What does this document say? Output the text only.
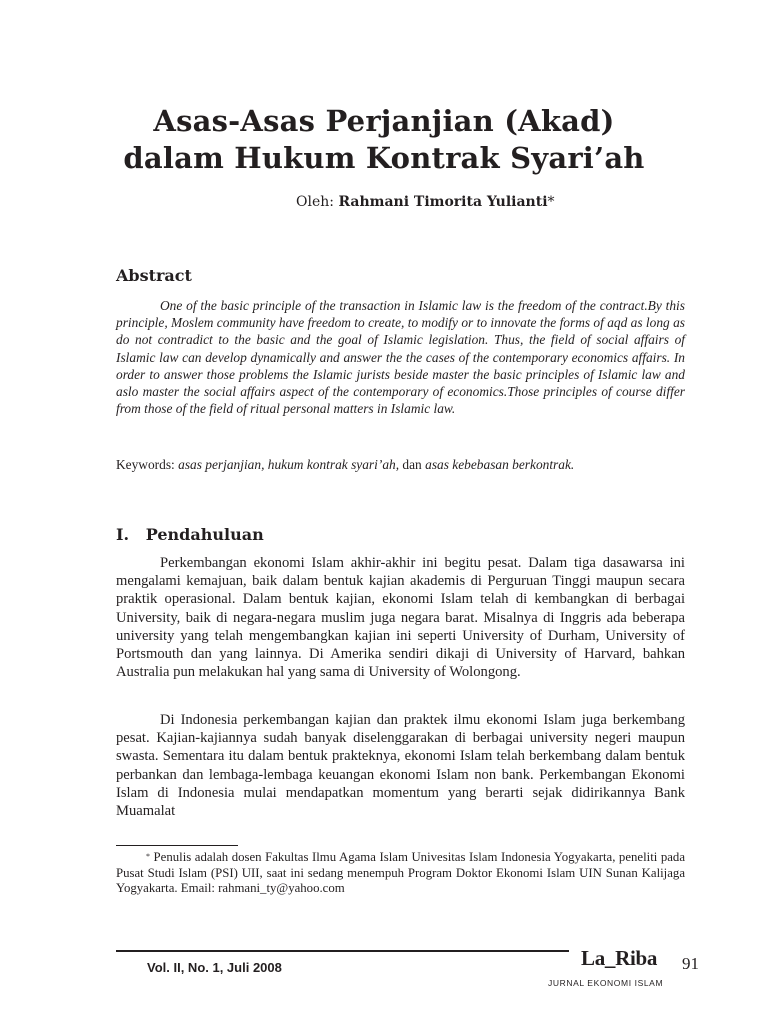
Asas-Asas Perjanjian (Akad)
dalam Hukum Kontrak Syari’ah
Oleh: Rahmani Timorita Yulianti*
Abstract

One of the basic principle of the transaction in Islamic law is the freedom of the contract.By this principle, Moslem community have freedom to create, to modify or to innovate the forms of aqd as long as do not contradict to the basic and the goal of Islamic legislation. Thus, the field of social affairs of Islamic law can develop dynamically and answer the the cases of the contemporary economics affairs. In order to answer those problems the Islamic jurists beside master the basic principles of Islamic law and aslo master the social affairs aspect of the contemporary of economics.Those principles of course differ from those of the field of ritual personal matters in Islamic law.

Keywords: asas perjanjian, hukum kontrak syari’ah, dan asas kebebasan berkontrak.

I.   Pendahuluan

Perkembangan ekonomi Islam akhir-akhir ini begitu pesat. Dalam tiga dasawarsa ini mengalami kemajuan, baik dalam bentuk kajian akademis di Perguruan Tinggi maupun secara praktik operasional. Dalam bentuk kajian, ekonomi Islam telah di kembangkan di berbagai University, baik di negara-negara muslim juga negara barat. Misalnya di Inggris ada beberapa university yang telah mengembangkan kajian ini seperti University of Durham, University of Portsmouth dan yang lainnya. Di Amerika sendiri dikaji di University of Harvard, bahkan Australia pun melakukan hal yang sama di University of Wolongong.

Di Indonesia perkembangan kajian dan praktek ilmu ekonomi Islam juga berkembang pesat. Kajian-kajiannya sudah banyak diselenggarakan di berbagai university negeri maupun swasta. Sementara itu dalam bentuk prakteknya, ekonomi Islam telah berkembang dalam bentuk perbankan dan lembaga-lembaga keuangan ekonomi Islam non bank. Perkembangan Ekonomi Islam di Indonesia mulai mendapatkan momentum yang berarti sejak didirikannya Bank Muamalat

* Penulis adalah dosen Fakultas Ilmu Agama Islam Univesitas Islam Indonesia Yogyakarta, peneliti pada Pusat Studi Islam (PSI) UII, saat ini sedang menempuh Program Doktor Ekonomi Islam UIN Sunan Kalijaga Yogyakarta. Email: rahmani_ty@yahoo.com

Vol. II, No. 1, Juli 2008	La_Riba
JURNAL EKONOMI ISLAM
91
